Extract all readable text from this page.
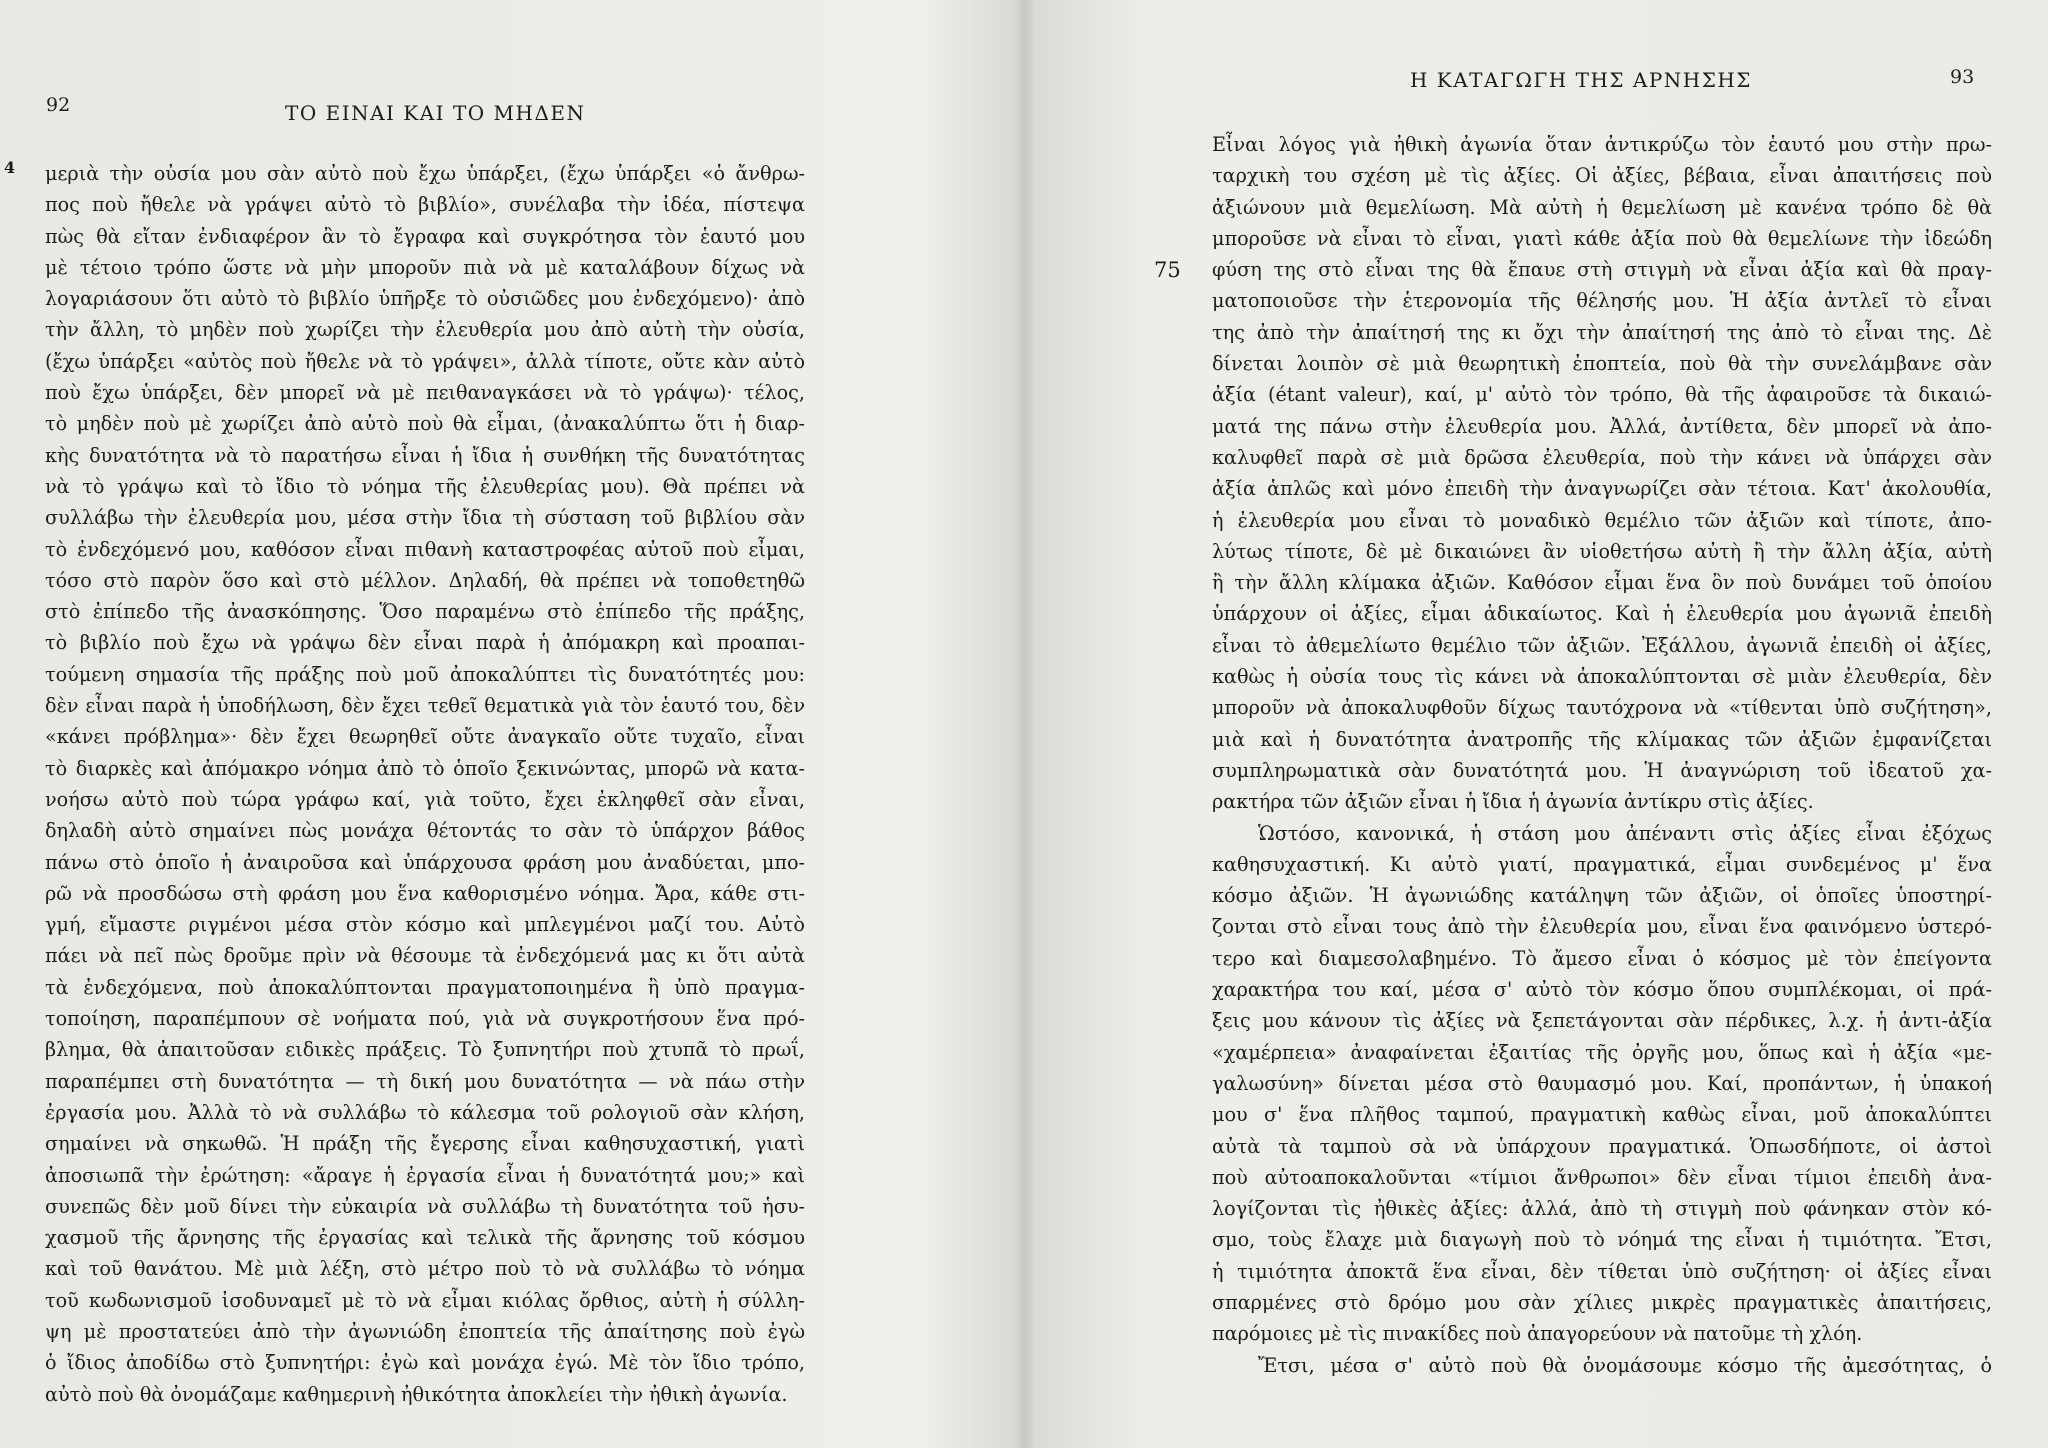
92	ΤΟ ΕΙΝΑΙ ΚΑΙ ΤΟ ΜΗΔΕΝ
4 μεριὰ τὴν οὐσία μου σὰν αὐτὸ ποὺ ἔχω ὑπάρξει, (ἔχω ὑπάρξει «ὁ ἄνθρω-
πος ποὺ ἤθελε νὰ γράψει αὐτὸ τὸ βιβλίο», συνέλαβα τὴν ἰδέα, πίστεψα
πὼς θὰ εἴταν ἐνδιαφέρον ἂν τὸ ἔγραφα καὶ συγκρότησα τὸν ἑαυτό μου
μὲ τέτοιο τρόπο ὥστε νὰ μὴν μποροῦν πιὰ νὰ μὲ καταλάβουν δίχως νὰ
λογαριάσουν ὅτι αὐτὸ τὸ βιβλίο ὑπῆρξε τὸ οὐσιῶδες μου ἐνδεχόμενο)· ἀπὸ
τὴν ἄλλη, τὸ μηδὲν ποὺ χωρίζει τὴν ἐλευθερία μου ἀπὸ αὐτὴ τὴν οὐσία,
(ἔχω ὑπάρξει «αὐτὸς ποὺ ἤθελε νὰ τὸ γράψει», ἀλλὰ τίποτε, οὔτε κὰν αὐτὸ
ποὺ ἔχω ὑπάρξει, δὲν μπορεῖ νὰ μὲ πειθαναγκάσει νὰ τὸ γράψω)· τέλος,
τὸ μηδὲν ποὺ μὲ χωρίζει ἀπὸ αὐτὸ ποὺ θὰ εἶμαι, (ἀνακαλύπτω ὅτι ἡ διαρ-
κὴς δυνατότητα νὰ τὸ παρατήσω εἶναι ἡ ἴδια ἡ συνθήκη τῆς δυνατότητας
νὰ τὸ γράψω καὶ τὸ ἴδιο τὸ νόημα τῆς ἐλευθερίας μου). Θὰ πρέπει νὰ
συλλάβω τὴν ἐλευθερία μου, μέσα στὴν ἴδια τὴ σύσταση τοῦ βιβλίου σὰν
τὸ ἐνδεχόμενό μου, καθόσον εἶναι πιθανὴ καταστροφέας αὐτοῦ ποὺ εἶμαι,
τόσο στὸ παρὸν ὅσο καὶ στὸ μέλλον. Δηλαδή, θὰ πρέπει νὰ τοποθετηθῶ
στὸ ἐπίπεδο τῆς ἀνασκόπησης. Ὅσο παραμένω στὸ ἐπίπεδο τῆς πράξης,
τὸ βιβλίο ποὺ ἔχω νὰ γράψω δὲν εἶναι παρὰ ἡ ἀπόμακρη καὶ προαπαι-
τούμενη σημασία τῆς πράξης ποὺ μοῦ ἀποκαλύπτει τὶς δυνατότητές μου:
δὲν εἶναι παρὰ ἡ ὑποδήλωση, δὲν ἔχει τεθεῖ θεματικὰ γιὰ τὸν ἑαυτό του, δὲν
«κάνει πρόβλημα»· δὲν ἔχει θεωρηθεῖ οὔτε ἀναγκαῖο οὔτε τυχαῖο, εἶναι
τὸ διαρκὲς καὶ ἀπόμακρο νόημα ἀπὸ τὸ ὁποῖο ξεκινώντας, μπορῶ νὰ κατα-
νοήσω αὐτὸ ποὺ τώρα γράφω καί, γιὰ τοῦτο, ἔχει ἐκληφθεῖ σὰν εἶναι,
δηλαδὴ αὐτὸ σημαίνει πὼς μονάχα θέτοντάς το σὰν τὸ ὑπάρχον βάθος
πάνω στὸ ὁποῖο ἡ ἀναιροῦσα καὶ ὑπάρχουσα φράση μου ἀναδύεται, μπο-
ρῶ νὰ προσδώσω στὴ φράση μου ἕνα καθορισμένο νόημα. Ἄρα, κάθε στι-
γμή, εἴμαστε ριγμένοι μέσα στὸν κόσμο καὶ μπλεγμένοι μαζί του. Αὐτὸ
πάει νὰ πεῖ πὼς δροῦμε πρὶν νὰ θέσουμε τὰ ἐνδεχόμενά μας κι ὅτι αὐτὰ
τὰ ἐνδεχόμενα, ποὺ ἀποκαλύπτονται πραγματοποιημένα ἢ ὑπὸ πραγμα-
τοποίηση, παραπέμπουν σὲ νοήματα πού, γιὰ νὰ συγκροτήσουν ἕνα πρό-
βλημα, θὰ ἀπαιτοῦσαν ειδικὲς πράξεις. Τὸ ξυπνητήρι ποὺ χτυπᾶ τὸ πρωΐ,
παραπέμπει στὴ δυνατότητα — τὴ δική μου δυνατότητα — νὰ πάω στὴν
ἐργασία μου. Ἀλλὰ τὸ νὰ συλλάβω τὸ κάλεσμα τοῦ ρολογιοῦ σὰν κλήση,
σημαίνει νὰ σηκωθῶ. Ἡ πράξη τῆς ἔγερσης εἶναι καθησυχαστική, γιατὶ
ἀποσιωπᾶ τὴν ἐρώτηση: «ἄραγε ἡ ἐργασία εἶναι ἡ δυνατότητά μου;» καὶ
συνεπῶς δὲν μοῦ δίνει τὴν εὐκαιρία νὰ συλλάβω τὴ δυνατότητα τοῦ ἡσυ-
χασμοῦ τῆς ἄρνησης τῆς ἐργασίας καὶ τελικὰ τῆς ἄρνησης τοῦ κόσμου
καὶ τοῦ θανάτου. Μὲ μιὰ λέξη, στὸ μέτρο ποὺ τὸ νὰ συλλάβω τὸ νόημα
τοῦ κωδωνισμοῦ ἰσοδυναμεῖ μὲ τὸ νὰ εἶμαι κιόλας ὄρθιος, αὐτὴ ἡ σύλλη-
ψη μὲ προστατεύει ἀπὸ τὴν ἀγωνιώδη ἐποπτεία τῆς ἀπαίτησης ποὺ ἐγὼ
ὁ ἴδιος ἀποδίδω στὸ ξυπνητήρι: ἐγὼ καὶ μονάχα ἐγώ. Μὲ τὸν ἴδιο τρόπο,
αὐτὸ ποὺ θὰ ὀνομάζαμε καθημερινὴ ἠθικότητα ἀποκλείει τὴν ἠθικὴ ἀγωνία.
Η ΚΑΤΑΓΩΓΗ ΤΗΣ ΑΡΝΗΣΗΣ	93
75
Εἶναι λόγος γιὰ ἠθικὴ ἀγωνία ὅταν ἀντικρύζω τὸν ἑαυτό μου στὴν πρω-
ταρχικὴ του σχέση μὲ τὶς ἀξίες. Οἱ ἀξίες, βέβαια, εἶναι ἀπαιτήσεις ποὺ
ἀξιώνουν μιὰ θεμελίωση. Μὰ αὐτὴ ἡ θεμελίωση μὲ κανένα τρόπο δὲ θὰ
μποροῦσε νὰ εἶναι τὸ εἶναι, γιατὶ κάθε ἀξία ποὺ θὰ θεμελίωνε τὴν ἰδεώδη
φύση της στὸ εἶναι της θὰ ἔπαυε στὴ στιγμὴ νὰ εἶναι ἀξία καὶ θὰ πραγ-
ματοποιοῦσε τὴν ἑτερονομία τῆς θέλησής μου. Ἡ ἀξία ἀντλεῖ τὸ εἶναι
της ἀπὸ τὴν ἀπαίτησή της κι ὄχι τὴν ἀπαίτησή της ἀπὸ τὸ εἶναι της. Δὲ
δίνεται λοιπὸν σὲ μιὰ θεωρητικὴ ἐποπτεία, ποὺ θὰ τὴν συνελάμβανε σὰν
ἀξία (étant valeur), καί, μ' αὐτὸ τὸν τρόπο, θὰ τῆς ἀφαιροῦσε τὰ δικαιώ-
ματά της πάνω στὴν ἐλευθερία μου. Ἀλλά, ἀντίθετα, δὲν μπορεῖ νὰ ἀπο-
καλυφθεῖ παρὰ σὲ μιὰ δρῶσα ἐλευθερία, ποὺ τὴν κάνει νὰ ὑπάρχει σὰν
ἀξία ἁπλῶς καὶ μόνο ἐπειδὴ τὴν ἀναγνωρίζει σὰν τέτοια. Κατ' ἀκολουθία,
ἡ ἐλευθερία μου εἶναι τὸ μοναδικὸ θεμέλιο τῶν ἀξιῶν καὶ τίποτε, ἀπο-
λύτως τίποτε, δὲ μὲ δικαιώνει ἂν υἱοθετήσω αὐτὴ ἢ τὴν ἄλλη ἀξία, αὐτὴ
ἢ τὴν ἄλλη κλίμακα ἀξιῶν. Καθόσον εἶμαι ἕνα ὂν ποὺ δυνάμει τοῦ ὁποίου
ὑπάρχουν οἱ ἀξίες, εἶμαι ἀδικαίωτος. Καὶ ἡ ἐλευθερία μου ἀγωνιᾶ ἐπειδὴ
εἶναι τὸ ἀθεμελίωτο θεμέλιο τῶν ἀξιῶν. Ἐξάλλου, ἀγωνιᾶ ἐπειδὴ οἱ ἀξίες,
καθὼς ἡ οὐσία τους τὶς κάνει νὰ ἀποκαλύπτονται σὲ μιὰν ἐλευθερία, δὲν
μποροῦν νὰ ἀποκαλυφθοῦν δίχως ταυτόχρονα νὰ «τίθενται ὑπὸ συζήτηση»,
μιὰ καὶ ἡ δυνατότητα ἀνατροπῆς τῆς κλίμακας τῶν ἀξιῶν ἐμφανίζεται
συμπληρωματικὰ σὰν δυνατότητά μου. Ἡ ἀναγνώριση τοῦ ἰδεατοῦ χα-
ρακτήρα τῶν ἀξιῶν εἶναι ἡ ἴδια ἡ ἀγωνία ἀντίκρυ στὶς ἀξίες.
Ὡστόσο, κανονικά, ἡ στάση μου ἀπέναντι στὶς ἀξίες εἶναι ἐξόχως
καθησυχαστική. Κι αὐτὸ γιατί, πραγματικά, εἶμαι συνδεμένος μ' ἕνα
κόσμο ἀξιῶν. Ἡ ἀγωνιώδης κατάληψη τῶν ἀξιῶν, οἱ ὁποῖες ὑποστηρί-
ζονται στὸ εἶναι τους ἀπὸ τὴν ἐλευθερία μου, εἶναι ἕνα φαινόμενο ὑστερό-
τερο καὶ διαμεσολαβημένο. Τὸ ἄμεσο εἶναι ὁ κόσμος μὲ τὸν ἐπείγοντα
χαρακτήρα του καί, μέσα σ' αὐτὸ τὸν κόσμο ὅπου συμπλέκομαι, οἱ πρά-
ξεις μου κάνουν τὶς ἀξίες νὰ ξεπετάγονται σὰν πέρδικες, λ.χ. ἡ ἀντι-ἀξία
«χαμέρπεια» ἀναφαίνεται ἐξαιτίας τῆς ὀργῆς μου, ὅπως καὶ ἡ ἀξία «με-
γαλωσύνη» δίνεται μέσα στὸ θαυμασμό μου. Καί, προπάντων, ἡ ὑπακοή
μου σ' ἕνα πλῆθος ταμπού, πραγματικὴ καθὼς εἶναι, μοῦ ἀποκαλύπτει
αὐτὰ τὰ ταμποὺ σὰ νὰ ὑπάρχουν πραγματικά. Ὁπωσδήποτε, οἱ ἀστοὶ
ποὺ αὐτοαποκαλοῦνται «τίμιοι ἄνθρωποι» δὲν εἶναι τίμιοι ἐπειδὴ ἀνα-
λογίζονται τὶς ἠθικὲς ἀξίες: ἀλλά, ἀπὸ τὴ στιγμὴ ποὺ φάνηκαν στὸν κό-
σμο, τοὺς ἔλαχε μιὰ διαγωγὴ ποὺ τὸ νόημά της εἶναι ἡ τιμιότητα. Ἔτσι,
ἡ τιμιότητα ἀποκτᾶ ἕνα εἶναι, δὲν τίθεται ὑπὸ συζήτηση· οἱ ἀξίες εἶναι
σπαρμένες στὸ δρόμο μου σὰν χίλιες μικρὲς πραγματικὲς ἀπαιτήσεις,
παρόμοιες μὲ τὶς πινακίδες ποὺ ἀπαγορεύουν νὰ πατοῦμε τὴ χλόη.
Ἔτσι, μέσα σ' αὐτὸ ποὺ θὰ ὀνομάσουμε κόσμο τῆς ἀμεσότητας, ὁ
